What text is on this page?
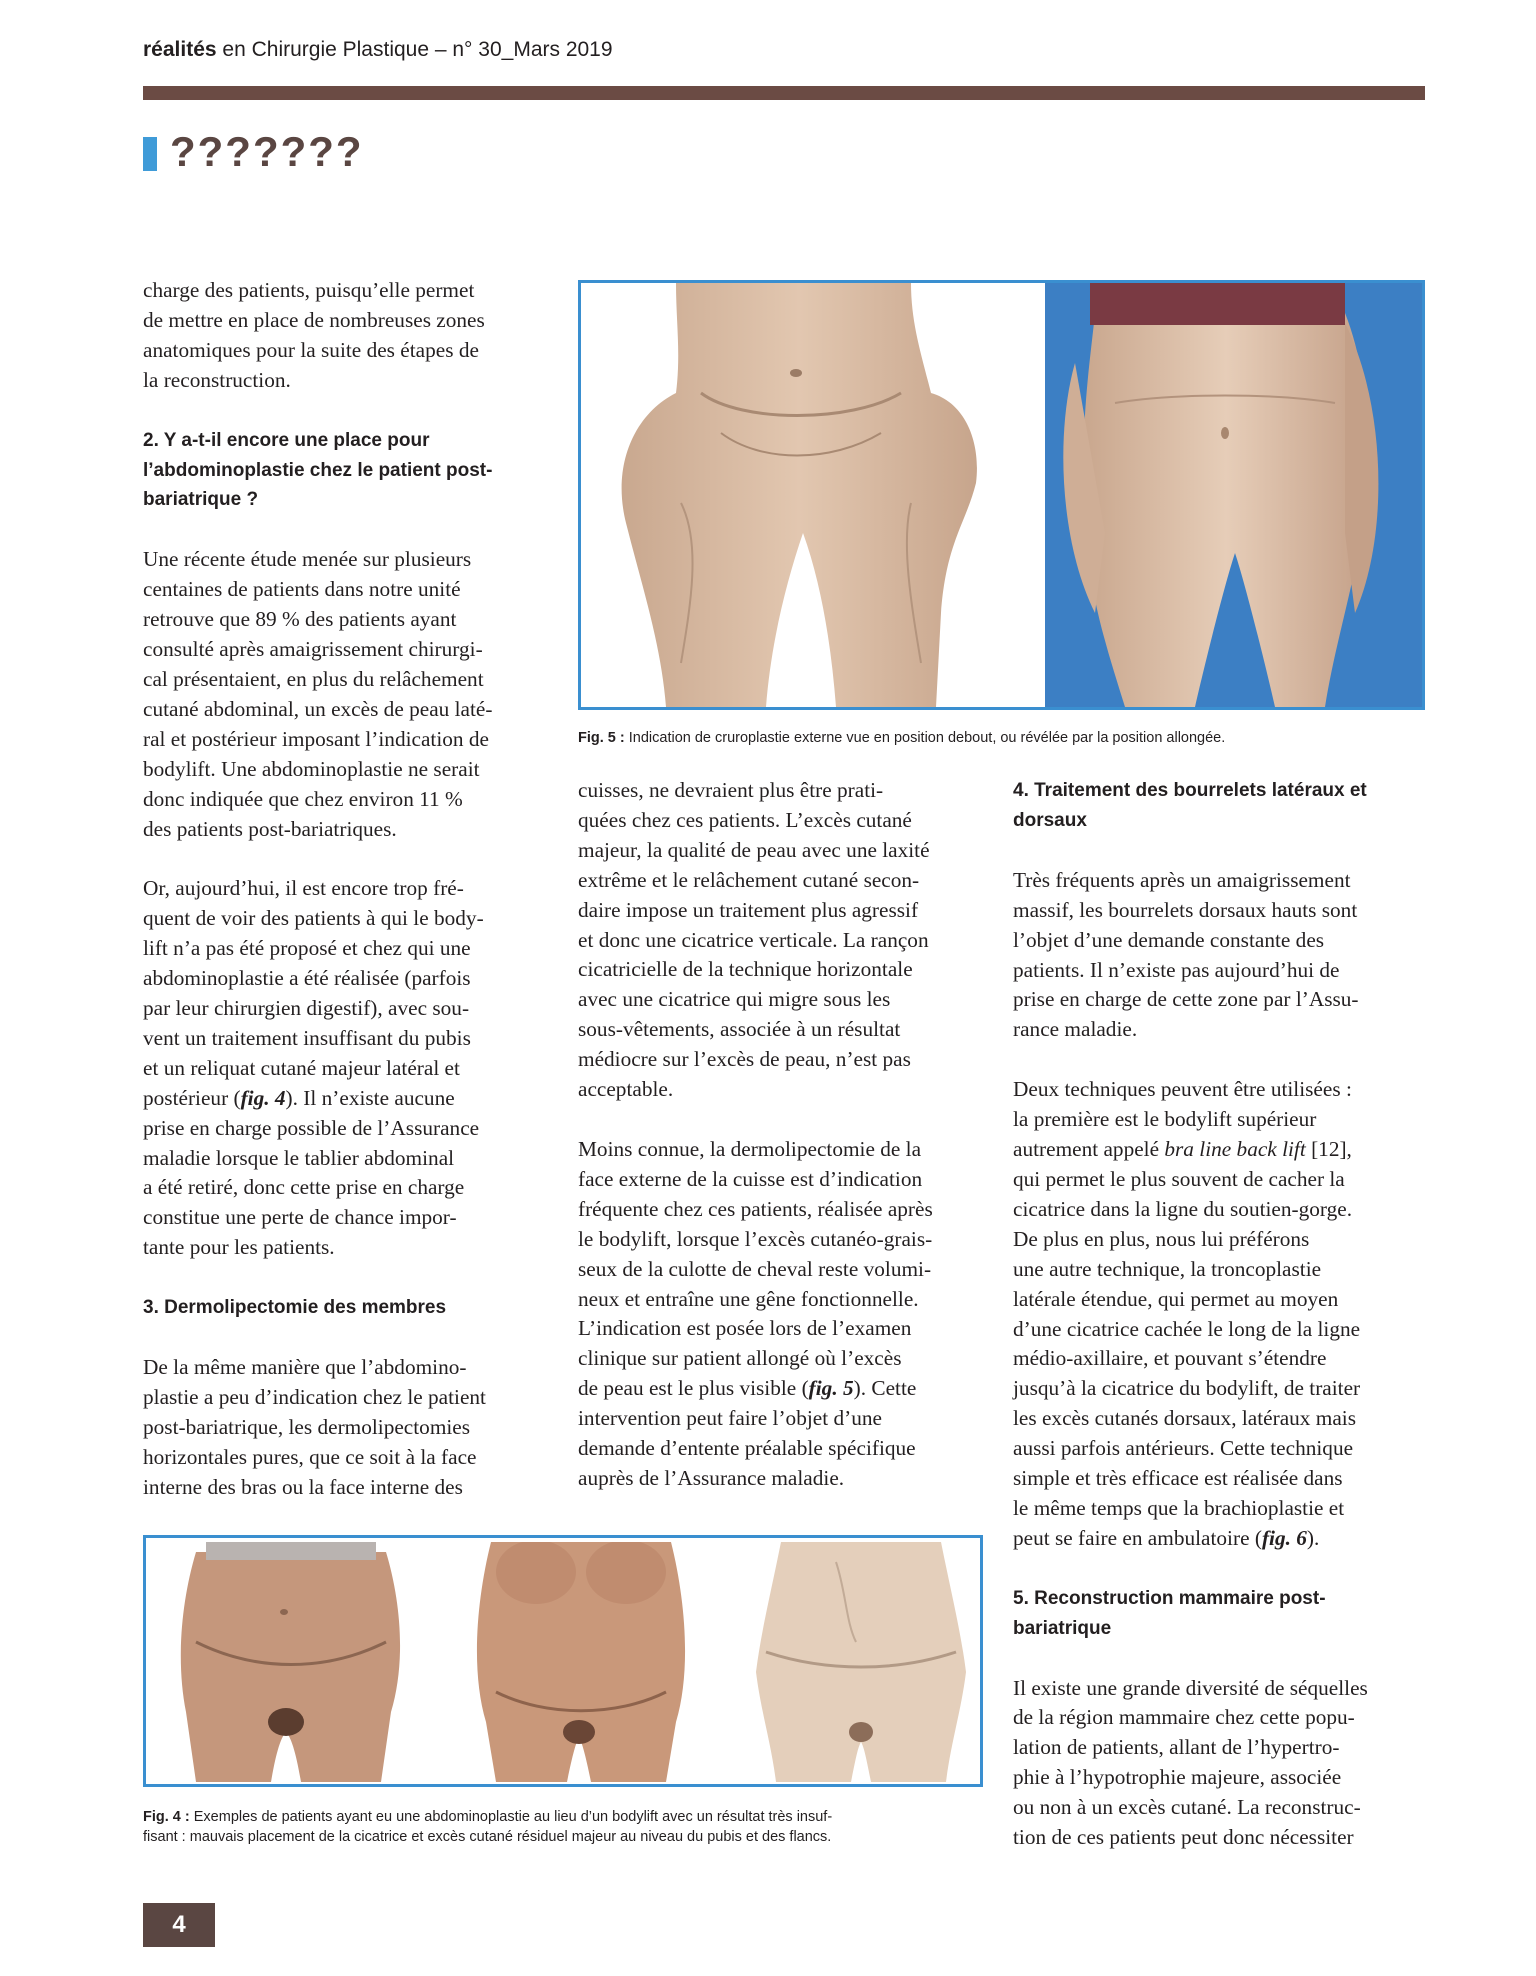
réalités en Chirurgie Plastique – n° 30_Mars 2019
???????

charge des patients, puisqu’elle permet
de mettre en place de nombreuses zones
anatomiques pour la suite des étapes de
la reconstruction.

2. Y a-t-il encore une place pour
l’abdominoplastie chez le patient post-
bariatrique ?

Une récente étude menée sur plusieurs
centaines de patients dans notre unité
retrouve que 89 % des patients ayant
consulté après amaigrissement chirurgi-
cal présentaient, en plus du relâchement
cutané abdominal, un excès de peau laté-
ral et postérieur imposant l’indication de
bodylift. Une abdominoplastie ne serait
donc indiquée que chez environ 11 %
des patients post-bariatriques.

Or, aujourd’hui, il est encore trop fré-
quent de voir des patients à qui le body-
lift n’a pas été proposé et chez qui une
abdominoplastie a été réalisée (parfois
par leur chirurgien digestif), avec sou-
vent un traitement insuffisant du pubis
et un reliquat cutané majeur latéral et
postérieur (fig. 4). Il n’existe aucune
prise en charge possible de l’Assurance
maladie lorsque le tablier abdominal
a été retiré, donc cette prise en charge
constitue une perte de chance impor-
tante pour les patients.

3. Dermolipectomie des membres

De la même manière que l’abdomino-
plastie a peu d’indication chez le patient
post-bariatrique, les dermolipectomies
horizontales pures, que ce soit à la face
interne des bras ou la face interne des

Fig. 5 : Indication de cruroplastie externe vue en position debout, ou révélée par la position allongée.

cuisses, ne devraient plus être prati-
quées chez ces patients. L’excès cutané
majeur, la qualité de peau avec une laxité
extrême et le relâchement cutané secon-
daire impose un traitement plus agressif
et donc une cicatrice verticale. La rançon
cicatricielle de la technique horizontale
avec une cicatrice qui migre sous les
sous-vêtements, associée à un résultat
médiocre sur l’excès de peau, n’est pas
acceptable.

Moins connue, la dermolipectomie de la
face externe de la cuisse est d’indication
fréquente chez ces patients, réalisée après
le bodylift, lorsque l’excès cutanéo-grais-
seux de la culotte de cheval reste volumi-
neux et entraîne une gêne fonctionnelle.
L’indication est posée lors de l’examen
clinique sur patient allongé où l’excès
de peau est le plus visible (fig. 5). Cette
intervention peut faire l’objet d’une
demande d’entente préalable spécifique
auprès de l’Assurance maladie.

4. Traitement des bourrelets latéraux et
dorsaux

Très fréquents après un amaigrissement
massif, les bourrelets dorsaux hauts sont
l’objet d’une demande constante des
patients. Il n’existe pas aujourd’hui de
prise en charge de cette zone par l’Assu-
rance maladie.

Deux techniques peuvent être utilisées :
la première est le bodylift supérieur
autrement appelé bra line back lift [12],
qui permet le plus souvent de cacher la
cicatrice dans la ligne du soutien-gorge.
De plus en plus, nous lui préférons
une autre technique, la troncoplastie
latérale étendue, qui permet au moyen
d’une cicatrice cachée le long de la ligne
médio-axillaire, et pouvant s’étendre
jusqu’à la cicatrice du bodylift, de traiter
les excès cutanés dorsaux, latéraux mais
aussi parfois antérieurs. Cette technique
simple et très efficace est réalisée dans
le même temps que la brachioplastie et
peut se faire en ambulatoire (fig. 6).

5. Reconstruction mammaire post-
bariatrique

Il existe une grande diversité de séquelles
de la région mammaire chez cette popu-
lation de patients, allant de l’hypertro-
phie à l’hypotrophie majeure, associée
ou non à un excès cutané. La reconstruc-
tion de ces patients peut donc nécessiter

Fig. 4 : Exemples de patients ayant eu une abdominoplastie au lieu d’un bodylift avec un résultat très insuf-
fisant : mauvais placement de la cicatrice et excès cutané résiduel majeur au niveau du pubis et des flancs.
4
